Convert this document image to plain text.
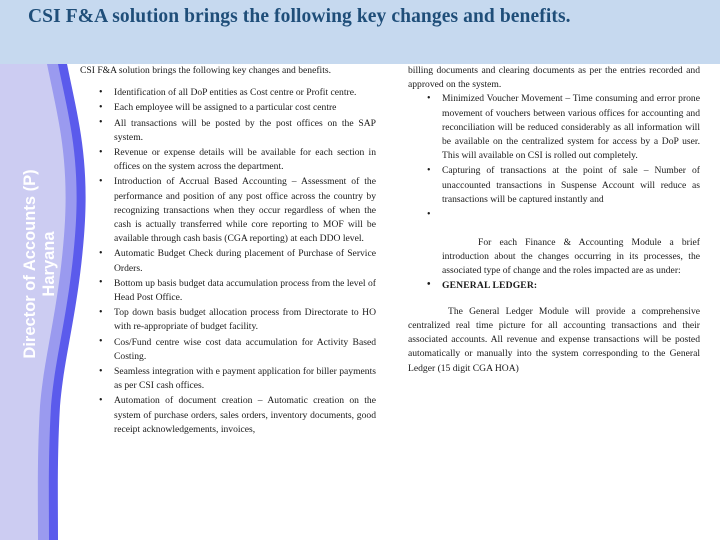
CSI F&A solution brings the following key changes and benefits.
Director of Accounts (P) Haryana

CSI F&A solution brings the following key changes and benefits.

• Identification of all DoP entities as Cost centre or Profit centre.
• Each employee will be assigned to a particular cost centre
• All transactions will be posted by the post offices on the SAP system.
• Revenue or expense details will be available for each section in offices on the system across the department.
• Introduction of Accrual Based Accounting – Assessment of the performance and position of any post office across the country by recognizing transactions when they occur regardless of when the cash is actually transferred while core reporting to MOF will be available through cash basis (CGA reporting) at each DDO level.
• Automatic Budget Check during placement of Purchase of Service Orders.
• Bottom up basis budget data accumulation process from the level of Head Post Office.
• Top down basis budget allocation process from Directorate to HO with re-appropriate of budget facility.
• Cos/Fund centre wise cost data accumulation for Activity Based Costing.
• Seamless integration with e payment application for biller payments as per CSI cash offices.
• Automation of document creation – Automatic creation on the system of purchase orders, sales orders, inventory documents, good receipt acknowledgements, invoices,
billing documents and clearing documents as per the entries recorded and approved on the system.
• Minimized Voucher Movement – Time consuming and error prone movement of vouchers between various offices for accounting and reconciliation will be reduced considerably as all information will be available on the centralized system for access by a DoP user. This will available on CSI is rolled out completely.
• Capturing of transactions at the point of sale – Number of unaccounted transactions in Suspense Account will reduce as transactions will be captured instantly and
•

For each Finance & Accounting Module a brief introduction about the changes occurring in its processes, the associated type of change and the roles impacted are as under:

• GENERAL LEDGER:

The General Ledger Module will provide a comprehensive centralized real time picture for all accounting transactions and their associated accounts. All revenue and expense transactions will be posted automatically or manually into the system corresponding to the General Ledger (15 digit CGA HOA)
